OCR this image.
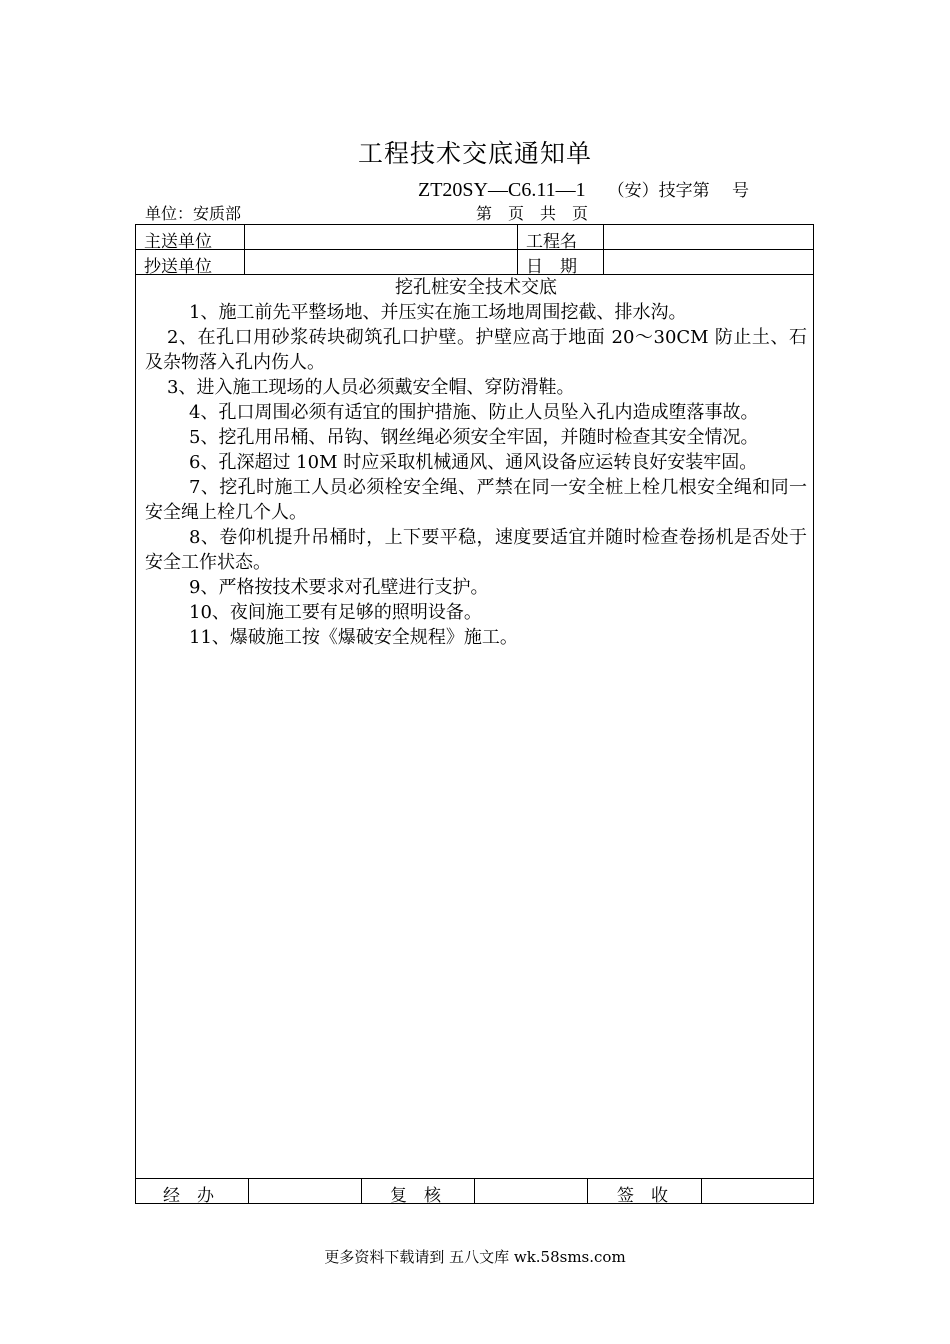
工程技术交底通知单
ZT20SY—C6.11—1 （安）技字第　 号
单位：安质部	第　页　共　页
主送单位	工程名
抄送单位	日　期
挖孔桩安全技术交底

1、施工前先平整场地、并压实在施工场地周围挖截、排水沟。

2、在孔口用砂浆砖块砌筑孔口护壁。护壁应高于地面 20～30CM 防止土、石及杂物落入孔内伤人。

3、进入施工现场的人员必须戴安全帽、穿防滑鞋。

4、孔口周围必须有适宜的围护措施、防止人员坠入孔内造成堕落事故。

5、挖孔用吊桶、吊钩、钢丝绳必须安全牢固，并随时检查其安全情况。

6、孔深超过 10M 时应采取机械通风、通风设备应运转良好安装牢固。

7、挖孔时施工人员必须栓安全绳、严禁在同一安全桩上栓几根安全绳和同一安全绳上栓几个人。

8、卷仰机提升吊桶时，上下要平稳，速度要适宜并随时检查卷扬机是否处于安全工作状态。

9、严格按技术要求对孔壁进行支护。

10、夜间施工要有足够的照明设备。

11、爆破施工按《爆破安全规程》施工。

经　办	复　核	签　收
更多资料下载请到 五八文库 wk.58sms.com
